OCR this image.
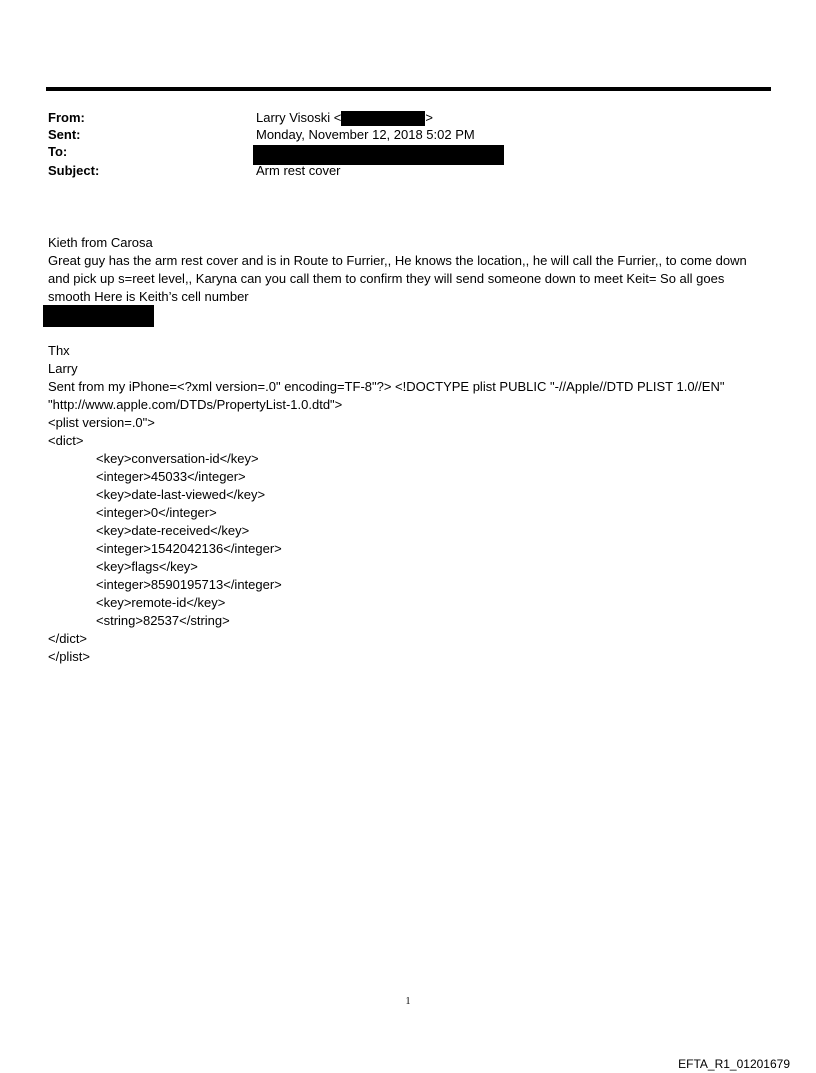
From:	Larry Visoski <	>
Sent:	Monday, November 12, 2018 5:02 PM
To:
Subject:	Arm rest cover
Kieth from Carosa
Great guy has the arm rest cover and is in Route to Furrier,, He knows the location,, he will call the Furrier,, to come down and pick up s=reet level,, Karyna can you call them to confirm they will send someone down to meet Keit= So all goes smooth Here is Keith’s cell number
Thx
Larry
Sent from my iPhone=<?xml version=.0" encoding=TF-8"?> <!DOCTYPE plist PUBLIC "-//Apple//DTD PLIST 1.0//EN"
"http://www.apple.com/DTDs/PropertyList-1.0.dtd">
<plist version=.0">
<dict>
<key>conversation-id</key>
<integer>45033</integer>
<key>date-last-viewed</key>
<integer>0</integer>
<key>date-received</key>
<integer>1542042136</integer>
<key>flags</key>
<integer>8590195713</integer>
<key>remote-id</key>
<string>82537</string>
</dict>
</plist>
1
EFTA_R1_01201679
